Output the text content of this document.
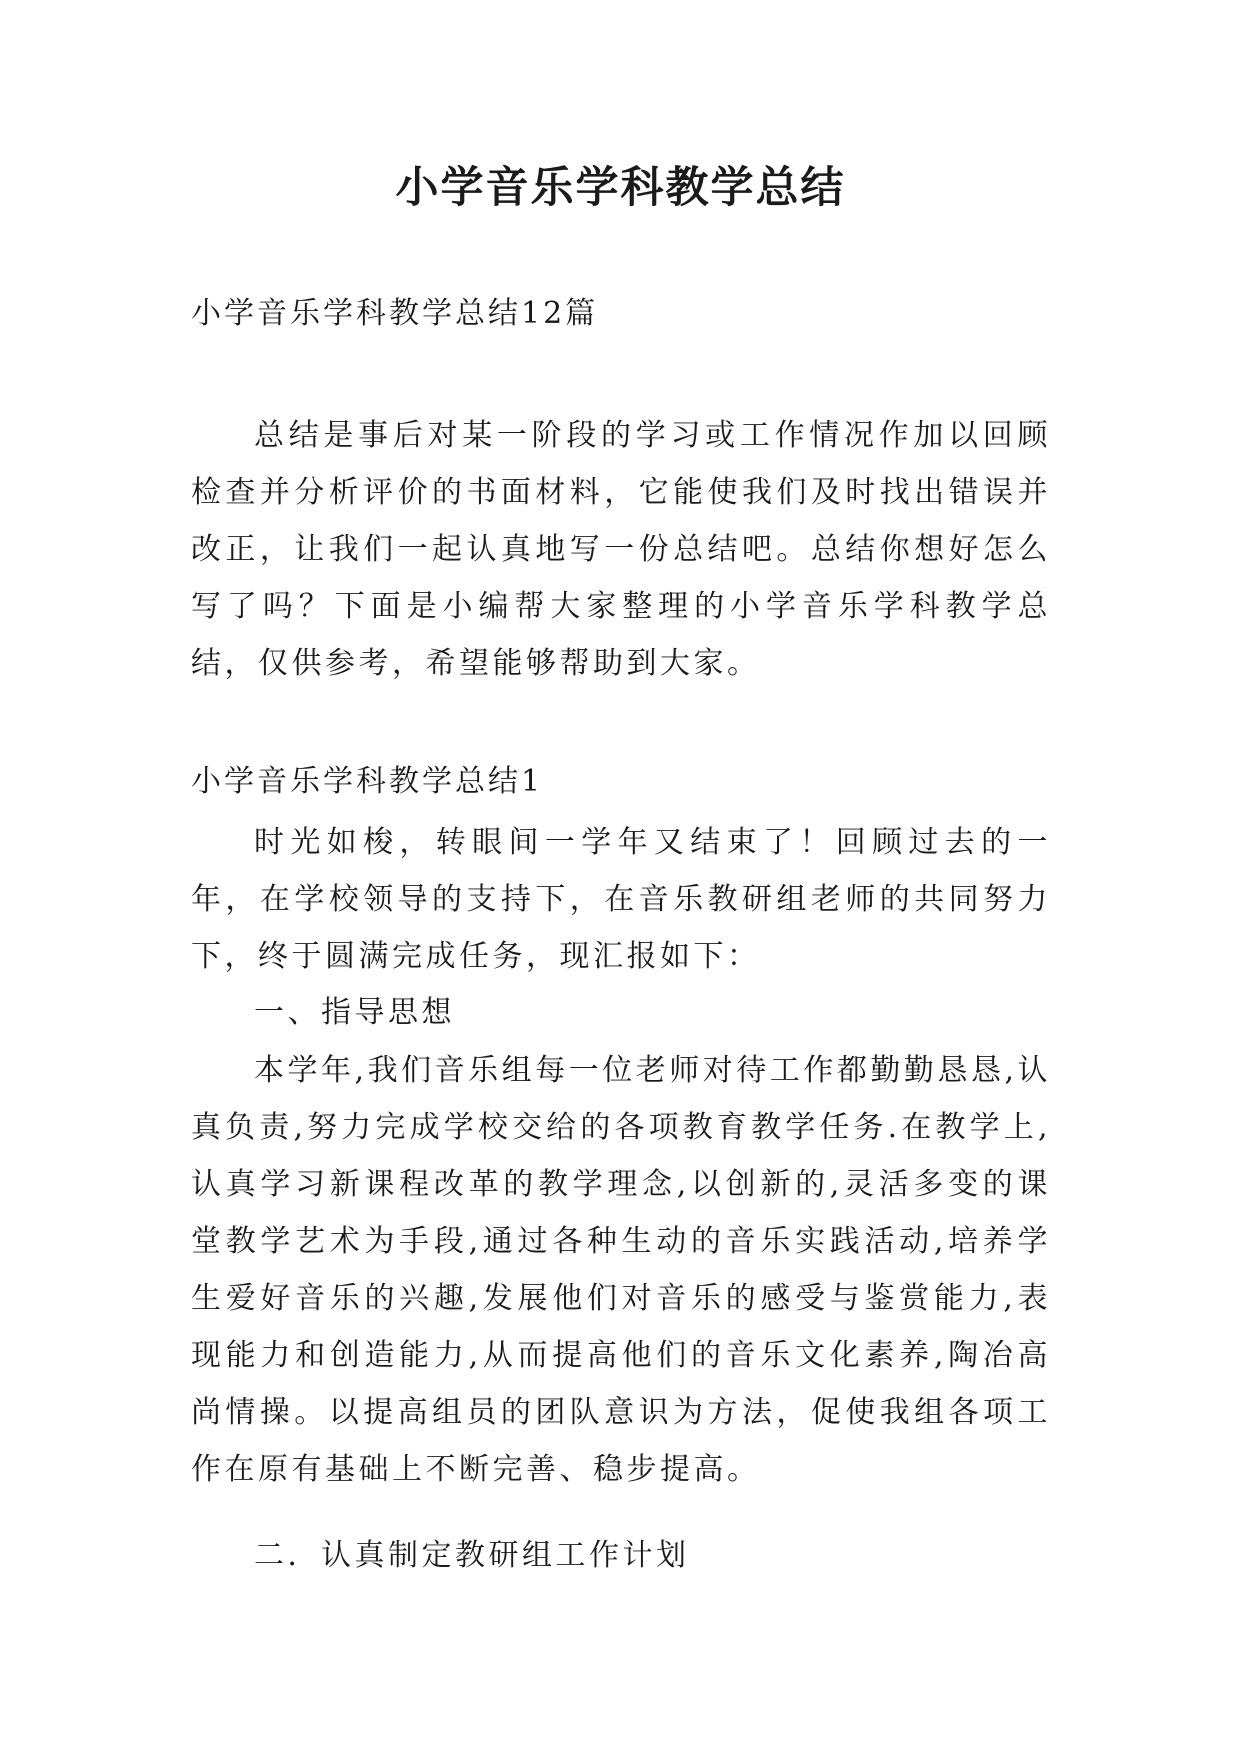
小学音乐学科教学总结

小学音乐学科教学总结12篇

总结是事后对某一阶段的学习或工作情况作加以回顾检查并分析评价的书面材料，它能使我们及时找出错误并改正，让我们一起认真地写一份总结吧。总结你想好怎么写了吗？下面是小编帮大家整理的小学音乐学科教学总结，仅供参考，希望能够帮助到大家。

小学音乐学科教学总结1

时光如梭，转眼间一学年又结束了！回顾过去的一年，在学校领导的支持下，在音乐教研组老师的共同努力下，终于圆满完成任务，现汇报如下：

一、指导思想

本学年,我们音乐组每一位老师对待工作都勤勤恳恳,认真负责,努力完成学校交给的各项教育教学任务.在教学上,认真学习新课程改革的教学理念,以创新的,灵活多变的课堂教学艺术为手段,通过各种生动的音乐实践活动,培养学生爱好音乐的兴趣,发展他们对音乐的感受与鉴赏能力,表现能力和创造能力,从而提高他们的音乐文化素养,陶冶高尚情操。以提高组员的团队意识为方法，促使我组各项工作在原有基础上不断完善、稳步提高。

二．认真制定教研组工作计划
